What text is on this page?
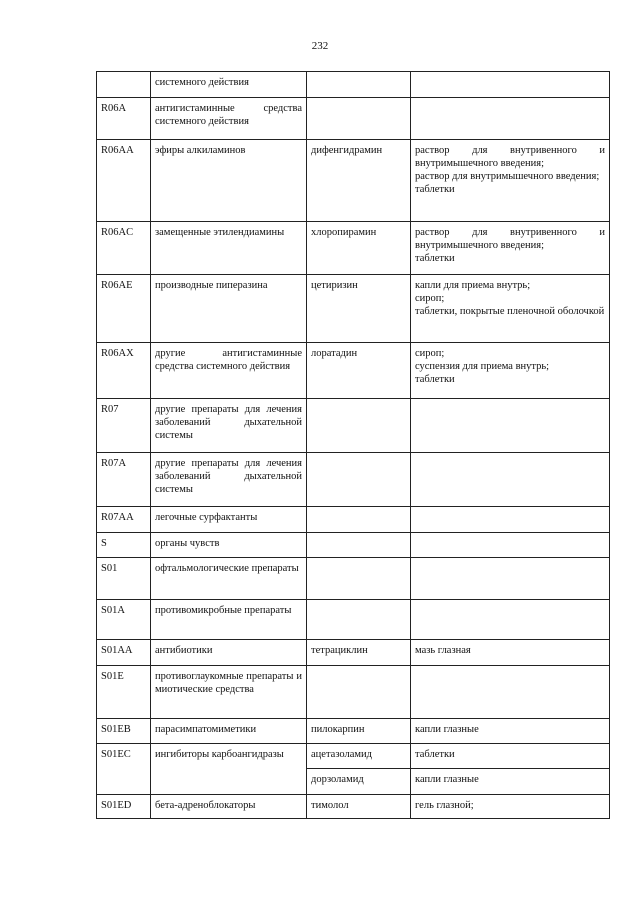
232
	системного действия		
R06A	антигистаминные средства системного действия		
R06AA	эфиры алкиламинов	дифенгидрамин	раствор для внутривенного и внутримышечного введения;
раствор для внутримышечного введения;
таблетки

R06AC	замещенные этилендиамины	хлоропирамин	раствор для внутривенного и внутримышечного введения;
таблетки

R06AE	производные пиперазина	цетиризин	капли для приема внутрь;
сироп;
таблетки, покрытые пленочной оболочкой

R06AX	другие антигистаминные средства системного действия	лоратадин	сироп;
суспензия для приема внутрь;
таблетки

R07	другие препараты для лечения заболеваний дыхательной системы		
R07A	другие препараты для лечения заболеваний дыхательной системы		
R07AA	легочные сурфактанты		
S	органы чувств		
S01	офтальмологические препараты		
S01A	противомикробные препараты		
S01AA	антибиотики	тетрациклин	мазь глазная

S01E	противоглаукомные препараты и миотические средства		
S01EB	парасимпатомиметики	пилокарпин	капли глазные

S01EC	ингибиторы карбоангидразы	ацетазоламид	таблетки

		дорзоламид	капли глазные

S01ED	бета-адреноблокаторы	тимолол	гель глазной;
